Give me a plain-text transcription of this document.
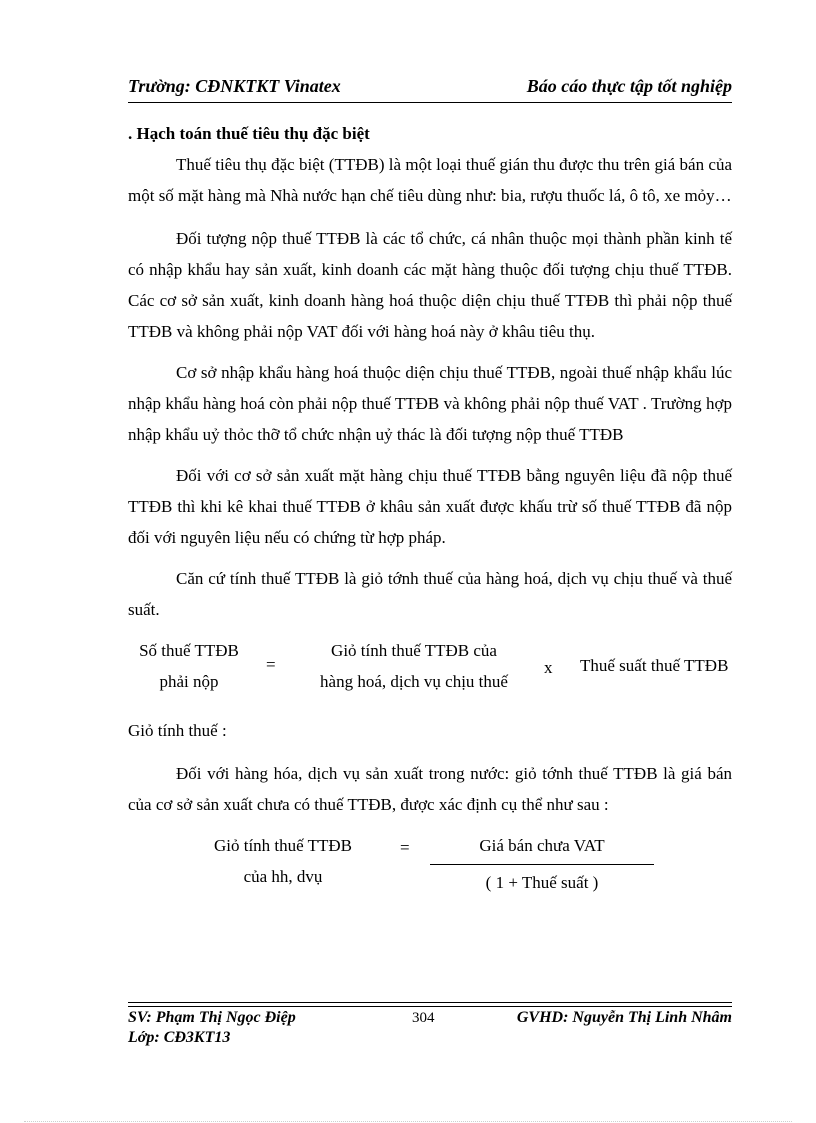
Trường: CĐNKTKT Vinatex	Báo cáo thực tập tốt nghiệp

. Hạch toán thuế tiêu thụ đặc biệt

Thuế tiêu thụ đặc biệt (TTĐB) là một loại thuế gián thu được thu trên giá bán của một số mặt hàng mà Nhà nước hạn chế tiêu dùng như: bia, rượu thuốc lá, ô tô, xe mỏy…

Đối tượng nộp thuế TTĐB là các tổ chức, cá nhân thuộc mọi thành phần kinh tế có nhập khẩu hay sản xuất, kinh doanh các mặt hàng thuộc đối tượng chịu thuế TTĐB. Các cơ sở sản xuất, kinh doanh hàng hoá thuộc diện chịu thuế TTĐB thì phải nộp thuế TTĐB và không phải nộp VAT đối với hàng hoá này ở khâu tiêu thụ.

Cơ sở nhập khẩu hàng hoá thuộc diện chịu thuế TTĐB, ngoài thuế nhập khẩu lúc nhập khẩu hàng hoá còn phải nộp thuế TTĐB và không phải nộp thuế VAT . Trường hợp nhập khẩu uỷ thỏc thỡ tổ chức nhận uỷ thác là đối tượng nộp thuế TTĐB

Đối với cơ sở sản xuất mặt hàng chịu thuế TTĐB bằng nguyên liệu đã nộp thuế TTĐB thì khi kê khai thuế TTĐB ở khâu sản xuất được khấu trừ số thuế TTĐB đã nộp đối với nguyên liệu nếu có chứng từ hợp pháp.

Căn cứ tính thuế TTĐB là giỏ tớnh thuế của hàng hoá, dịch vụ chịu thuế và thuế suất.

Số thuế TTĐB
phải nộp
=
Giỏ tính thuế TTĐB của
hàng hoá, dịch vụ chịu thuế
x Thuế suất thuế TTĐB

Giỏ tính thuế :

Đối với hàng hóa, dịch vụ sản xuất trong nước: giỏ tớnh thuế TTĐB là giá bán của cơ sở sản xuất chưa có thuế TTĐB, được xác định cụ thể như sau :

Giỏ tính thuế TTĐB
của hh, dvụ
=	Giá bán chưa VAT
( 1 + Thuế suất )
SV: Phạm Thị Ngọc Điệp	304	GVHD: Nguyễn Thị Linh Nhâm
Lớp: CĐ3KT13
